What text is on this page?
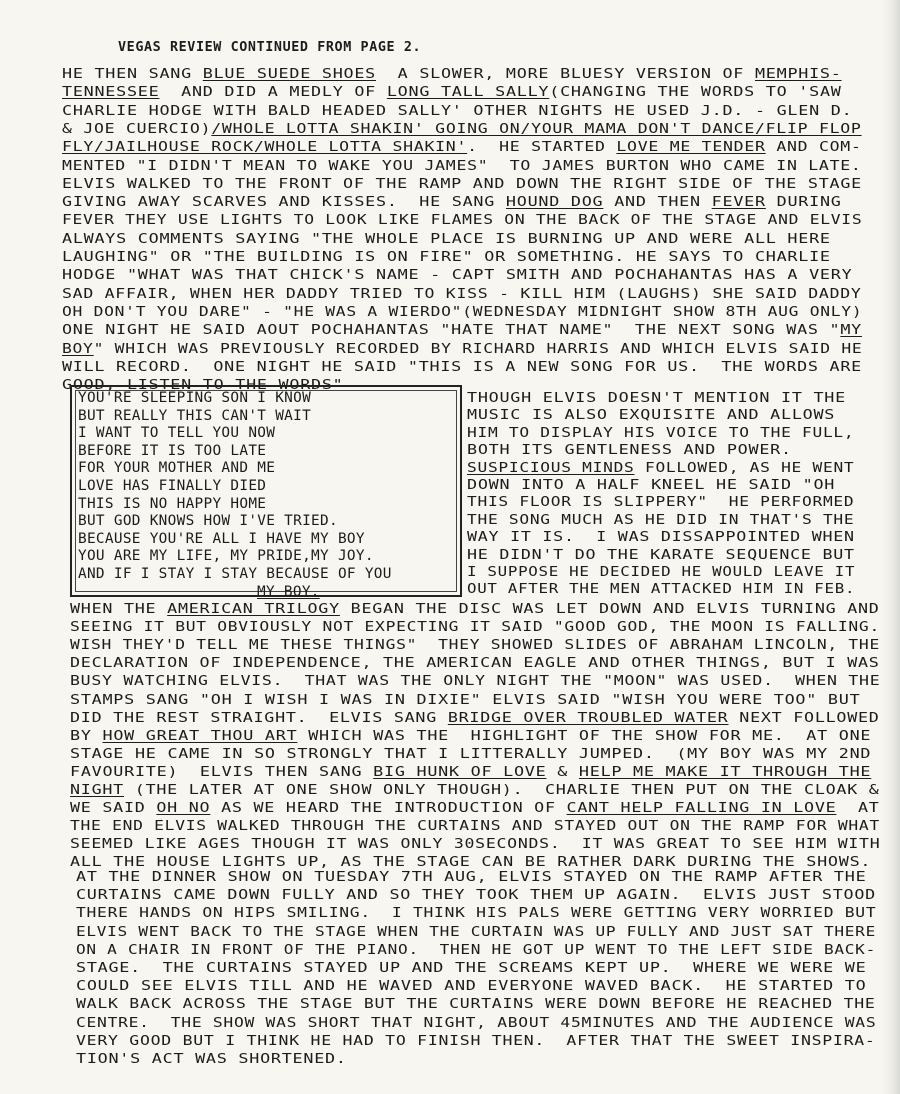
VEGAS REVIEW CONTINUED FROM PAGE 2.
HE THEN SANG BLUE SUEDE SHOES  A SLOWER, MORE BLUESY VERSION OF MEMPHIS-
TENNESSEE  AND DID A MEDLY OF LONG TALL SALLY(CHANGING THE WORDS TO 'SAW
CHARLIE HODGE WITH BALD HEADED SALLY' OTHER NIGHTS HE USED J.D. - GLEN D.
& JOE CUERCIO)/WHOLE LOTTA SHAKIN' GOING ON/YOUR MAMA DON'T DANCE/FLIP FLOP
FLY/JAILHOUSE ROCK/WHOLE LOTTA SHAKIN'.  HE STARTED LOVE ME TENDER AND COM-
MENTED "I DIDN'T MEAN TO WAKE YOU JAMES"  TO JAMES BURTON WHO CAME IN LATE.
ELVIS WALKED TO THE FRONT OF THE RAMP AND DOWN THE RIGHT SIDE OF THE STAGE
GIVING AWAY SCARVES AND KISSES.  HE SANG HOUND DOG AND THEN FEVER DURING
FEVER THEY USE LIGHTS TO LOOK LIKE FLAMES ON THE BACK OF THE STAGE AND ELVIS
ALWAYS COMMENTS SAYING "THE WHOLE PLACE IS BURNING UP AND WERE ALL HERE
LAUGHING" OR "THE BUILDING IS ON FIRE" OR SOMETHING. HE SAYS TO CHARLIE
HODGE "WHAT WAS THAT CHICK'S NAME - CAPT SMITH AND POCHAHANTAS HAS A VERY
SAD AFFAIR, WHEN HER DADDY TRIED TO KISS - KILL HIM (LAUGHS) SHE SAID DADDY
OH DON'T YOU DARE" - "HE WAS A WIERDO"(WEDNESDAY MIDNIGHT SHOW 8TH AUG ONLY)
ONE NIGHT HE SAID AOUT POCHAHANTAS "HATE THAT NAME"  THE NEXT SONG WAS "MY
BOY" WHICH WAS PREVIOUSLY RECORDED BY RICHARD HARRIS AND WHICH ELVIS SAID HE
WILL RECORD.  ONE NIGHT HE SAID "THIS IS A NEW SONG FOR US.  THE WORDS ARE
GOOD, LISTEN TO THE WORDS"
YOU'RE SLEEPING SON I KNOW
BUT REALLY THIS CAN'T WAIT
I WANT TO TELL YOU NOW
BEFORE IT IS TOO LATE
FOR YOUR MOTHER AND ME
LOVE HAS FINALLY DIED
THIS IS NO HAPPY HOME
BUT GOD KNOWS HOW I'VE TRIED.
BECAUSE YOU'RE ALL I HAVE MY BOY
YOU ARE MY LIFE, MY PRIDE,MY JOY.
AND IF I STAY I STAY BECAUSE OF YOU
MY BOY.
THOUGH ELVIS DOESN'T MENTION IT THE
MUSIC IS ALSO EXQUISITE AND ALLOWS
HIM TO DISPLAY HIS VOICE TO THE FULL,
BOTH ITS GENTLENESS AND POWER.
SUSPICIOUS MINDS FOLLOWED, AS HE WENT
DOWN INTO A HALF KNEEL HE SAID "OH
THIS FLOOR IS SLIPPERY"  HE PERFORMED
THE SONG MUCH AS HE DID IN THAT'S THE
WAY IT IS.  I WAS DISSAPPOINTED WHEN
HE DIDN'T DO THE KARATE SEQUENCE BUT
I SUPPOSE HE DECIDED HE WOULD LEAVE IT
OUT AFTER THE MEN ATTACKED HIM IN FEB.
WHEN THE AMERICAN TRILOGY BEGAN THE DISC WAS LET DOWN AND ELVIS TURNING AND
SEEING IT BUT OBVIOUSLY NOT EXPECTING IT SAID "GOOD GOD, THE MOON IS FALLING.
WISH THEY'D TELL ME THESE THINGS"  THEY SHOWED SLIDES OF ABRAHAM LINCOLN, THE
DECLARATION OF INDEPENDENCE, THE AMERICAN EAGLE AND OTHER THINGS, BUT I WAS
BUSY WATCHING ELVIS.  THAT WAS THE ONLY NIGHT THE "MOON" WAS USED.  WHEN THE
STAMPS SANG "OH I WISH I WAS IN DIXIE" ELVIS SAID "WISH YOU WERE TOO" BUT
DID THE REST STRAIGHT.  ELVIS SANG BRIDGE OVER TROUBLED WATER NEXT FOLLOWED
BY HOW GREAT THOU ART WHICH WAS THE  HIGHLIGHT OF THE SHOW FOR ME.  AT ONE
STAGE HE CAME IN SO STRONGLY THAT I LITTERALLY JUMPED.  (MY BOY WAS MY 2ND
FAVOURITE)  ELVIS THEN SANG BIG HUNK OF LOVE & HELP ME MAKE IT THROUGH THE
NIGHT (THE LATER AT ONE SHOW ONLY THOUGH).  CHARLIE THEN PUT ON THE CLOAK &
WE SAID OH NO AS WE HEARD THE INTRODUCTION OF CANT HELP FALLING IN LOVE  AT
THE END ELVIS WALKED THROUGH THE CURTAINS AND STAYED OUT ON THE RAMP FOR WHAT
SEEMED LIKE AGES THOUGH IT WAS ONLY 30SECONDS.  IT WAS GREAT TO SEE HIM WITH
ALL THE HOUSE LIGHTS UP, AS THE STAGE CAN BE RATHER DARK DURING THE SHOWS.
AT THE DINNER SHOW ON TUESDAY 7TH AUG, ELVIS STAYED ON THE RAMP AFTER THE
CURTAINS CAME DOWN FULLY AND SO THEY TOOK THEM UP AGAIN.  ELVIS JUST STOOD
THERE HANDS ON HIPS SMILING.  I THINK HIS PALS WERE GETTING VERY WORRIED BUT
ELVIS WENT BACK TO THE STAGE WHEN THE CURTAIN WAS UP FULLY AND JUST SAT THERE
ON A CHAIR IN FRONT OF THE PIANO.  THEN HE GOT UP WENT TO THE LEFT SIDE BACK-
STAGE.  THE CURTAINS STAYED UP AND THE SCREAMS KEPT UP.  WHERE WE WERE WE
COULD SEE ELVIS TILL AND HE WAVED AND EVERYONE WAVED BACK.  HE STARTED TO
WALK BACK ACROSS THE STAGE BUT THE CURTAINS WERE DOWN BEFORE HE REACHED THE
CENTRE.  THE SHOW WAS SHORT THAT NIGHT, ABOUT 45MINUTES AND THE AUDIENCE WAS
VERY GOOD BUT I THINK HE HAD TO FINISH THEN.  AFTER THAT THE SWEET INSPIRA-
TION'S ACT WAS SHORTENED.
